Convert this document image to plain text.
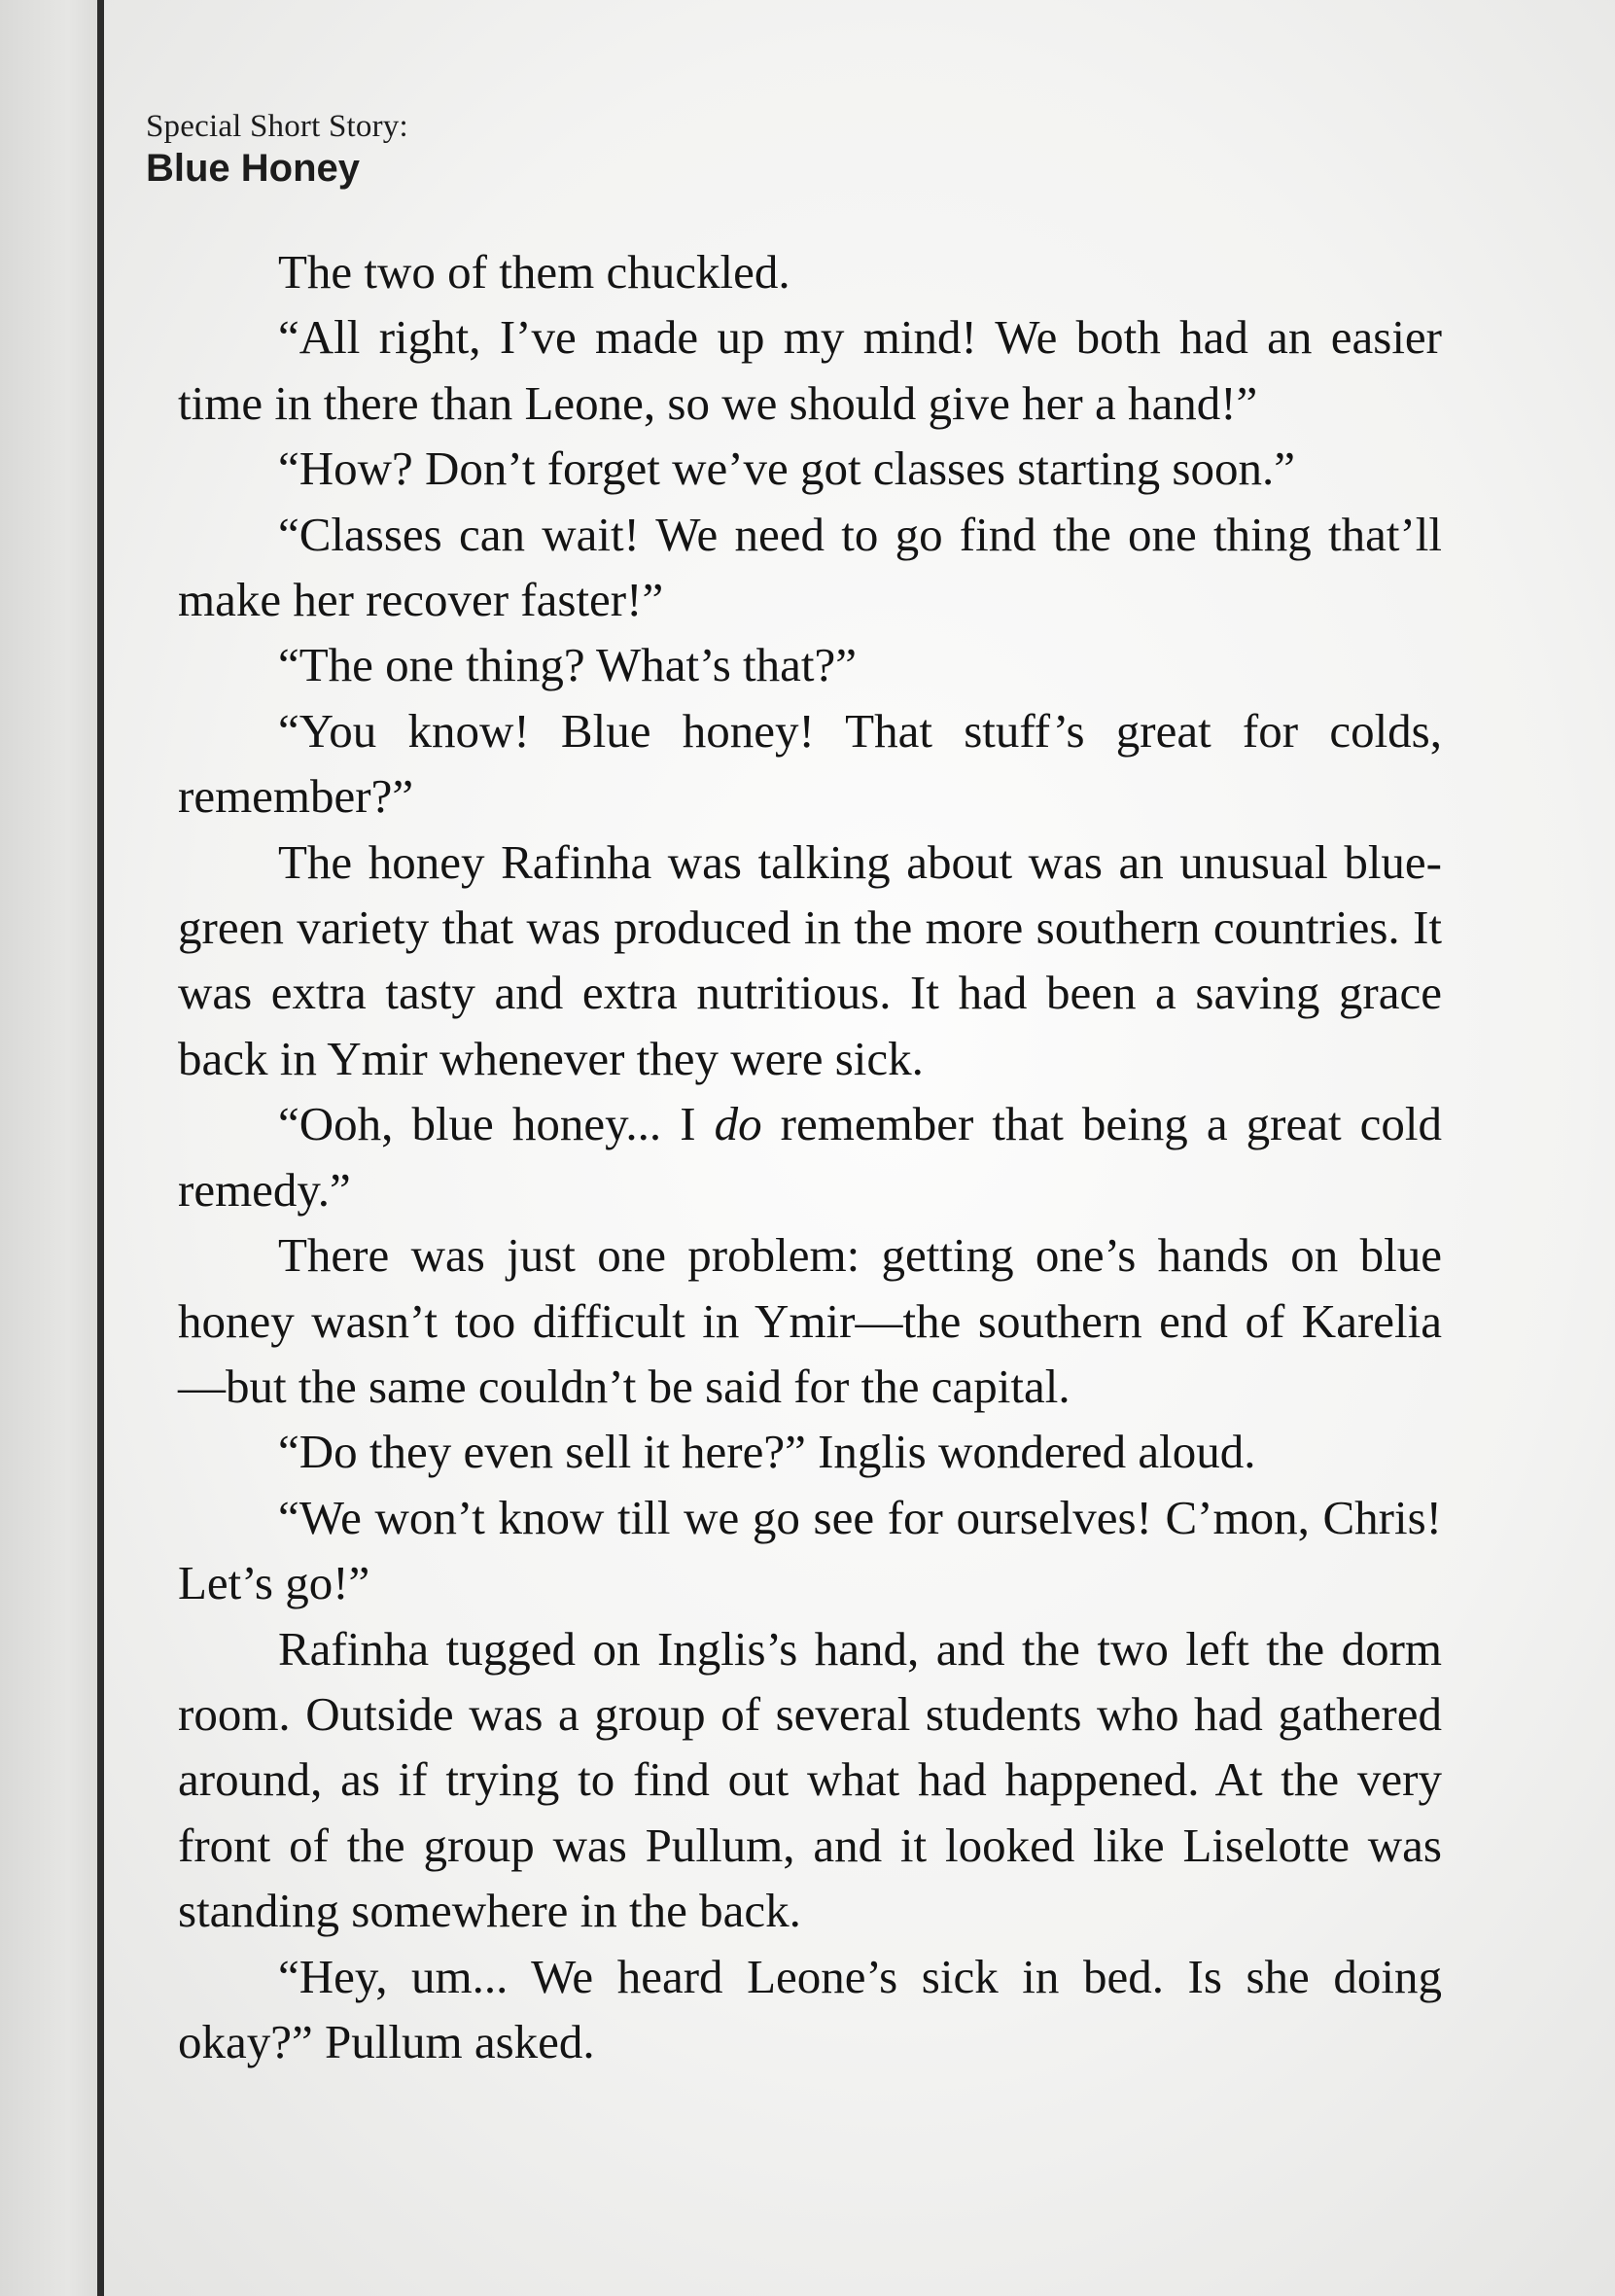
Special Short Story:
Blue Honey

The two of them chuckled.

“All right, I’ve made up my mind! We both had an easier time in there than Leone, so we should give her a hand!”

“How? Don’t forget we’ve got classes starting soon.”

“Classes can wait! We need to go find the one thing that’ll make her recover faster!”

“The one thing? What’s that?”

“You know! Blue honey! That stuff’s great for colds, remember?”

The honey Rafinha was talking about was an unusual blue-green variety that was produced in the more southern countries. It was extra tasty and extra nutritious. It had been a saving grace back in Ymir whenever they were sick.

“Ooh, blue honey... I do remember that being a great cold remedy.”

There was just one problem: getting one’s hands on blue honey wasn’t too difficult in Ymir—the southern end of Karelia—but the same couldn’t be said for the capital.

“Do they even sell it here?” Inglis wondered aloud.

“We won’t know till we go see for ourselves! C’mon, Chris! Let’s go!”

Rafinha tugged on Inglis’s hand, and the two left the dorm room. Outside was a group of several students who had gathered around, as if trying to find out what had happened. At the very front of the group was Pullum, and it looked like Liselotte was standing somewhere in the back.

“Hey, um... We heard Leone’s sick in bed. Is she doing okay?” Pullum asked.
